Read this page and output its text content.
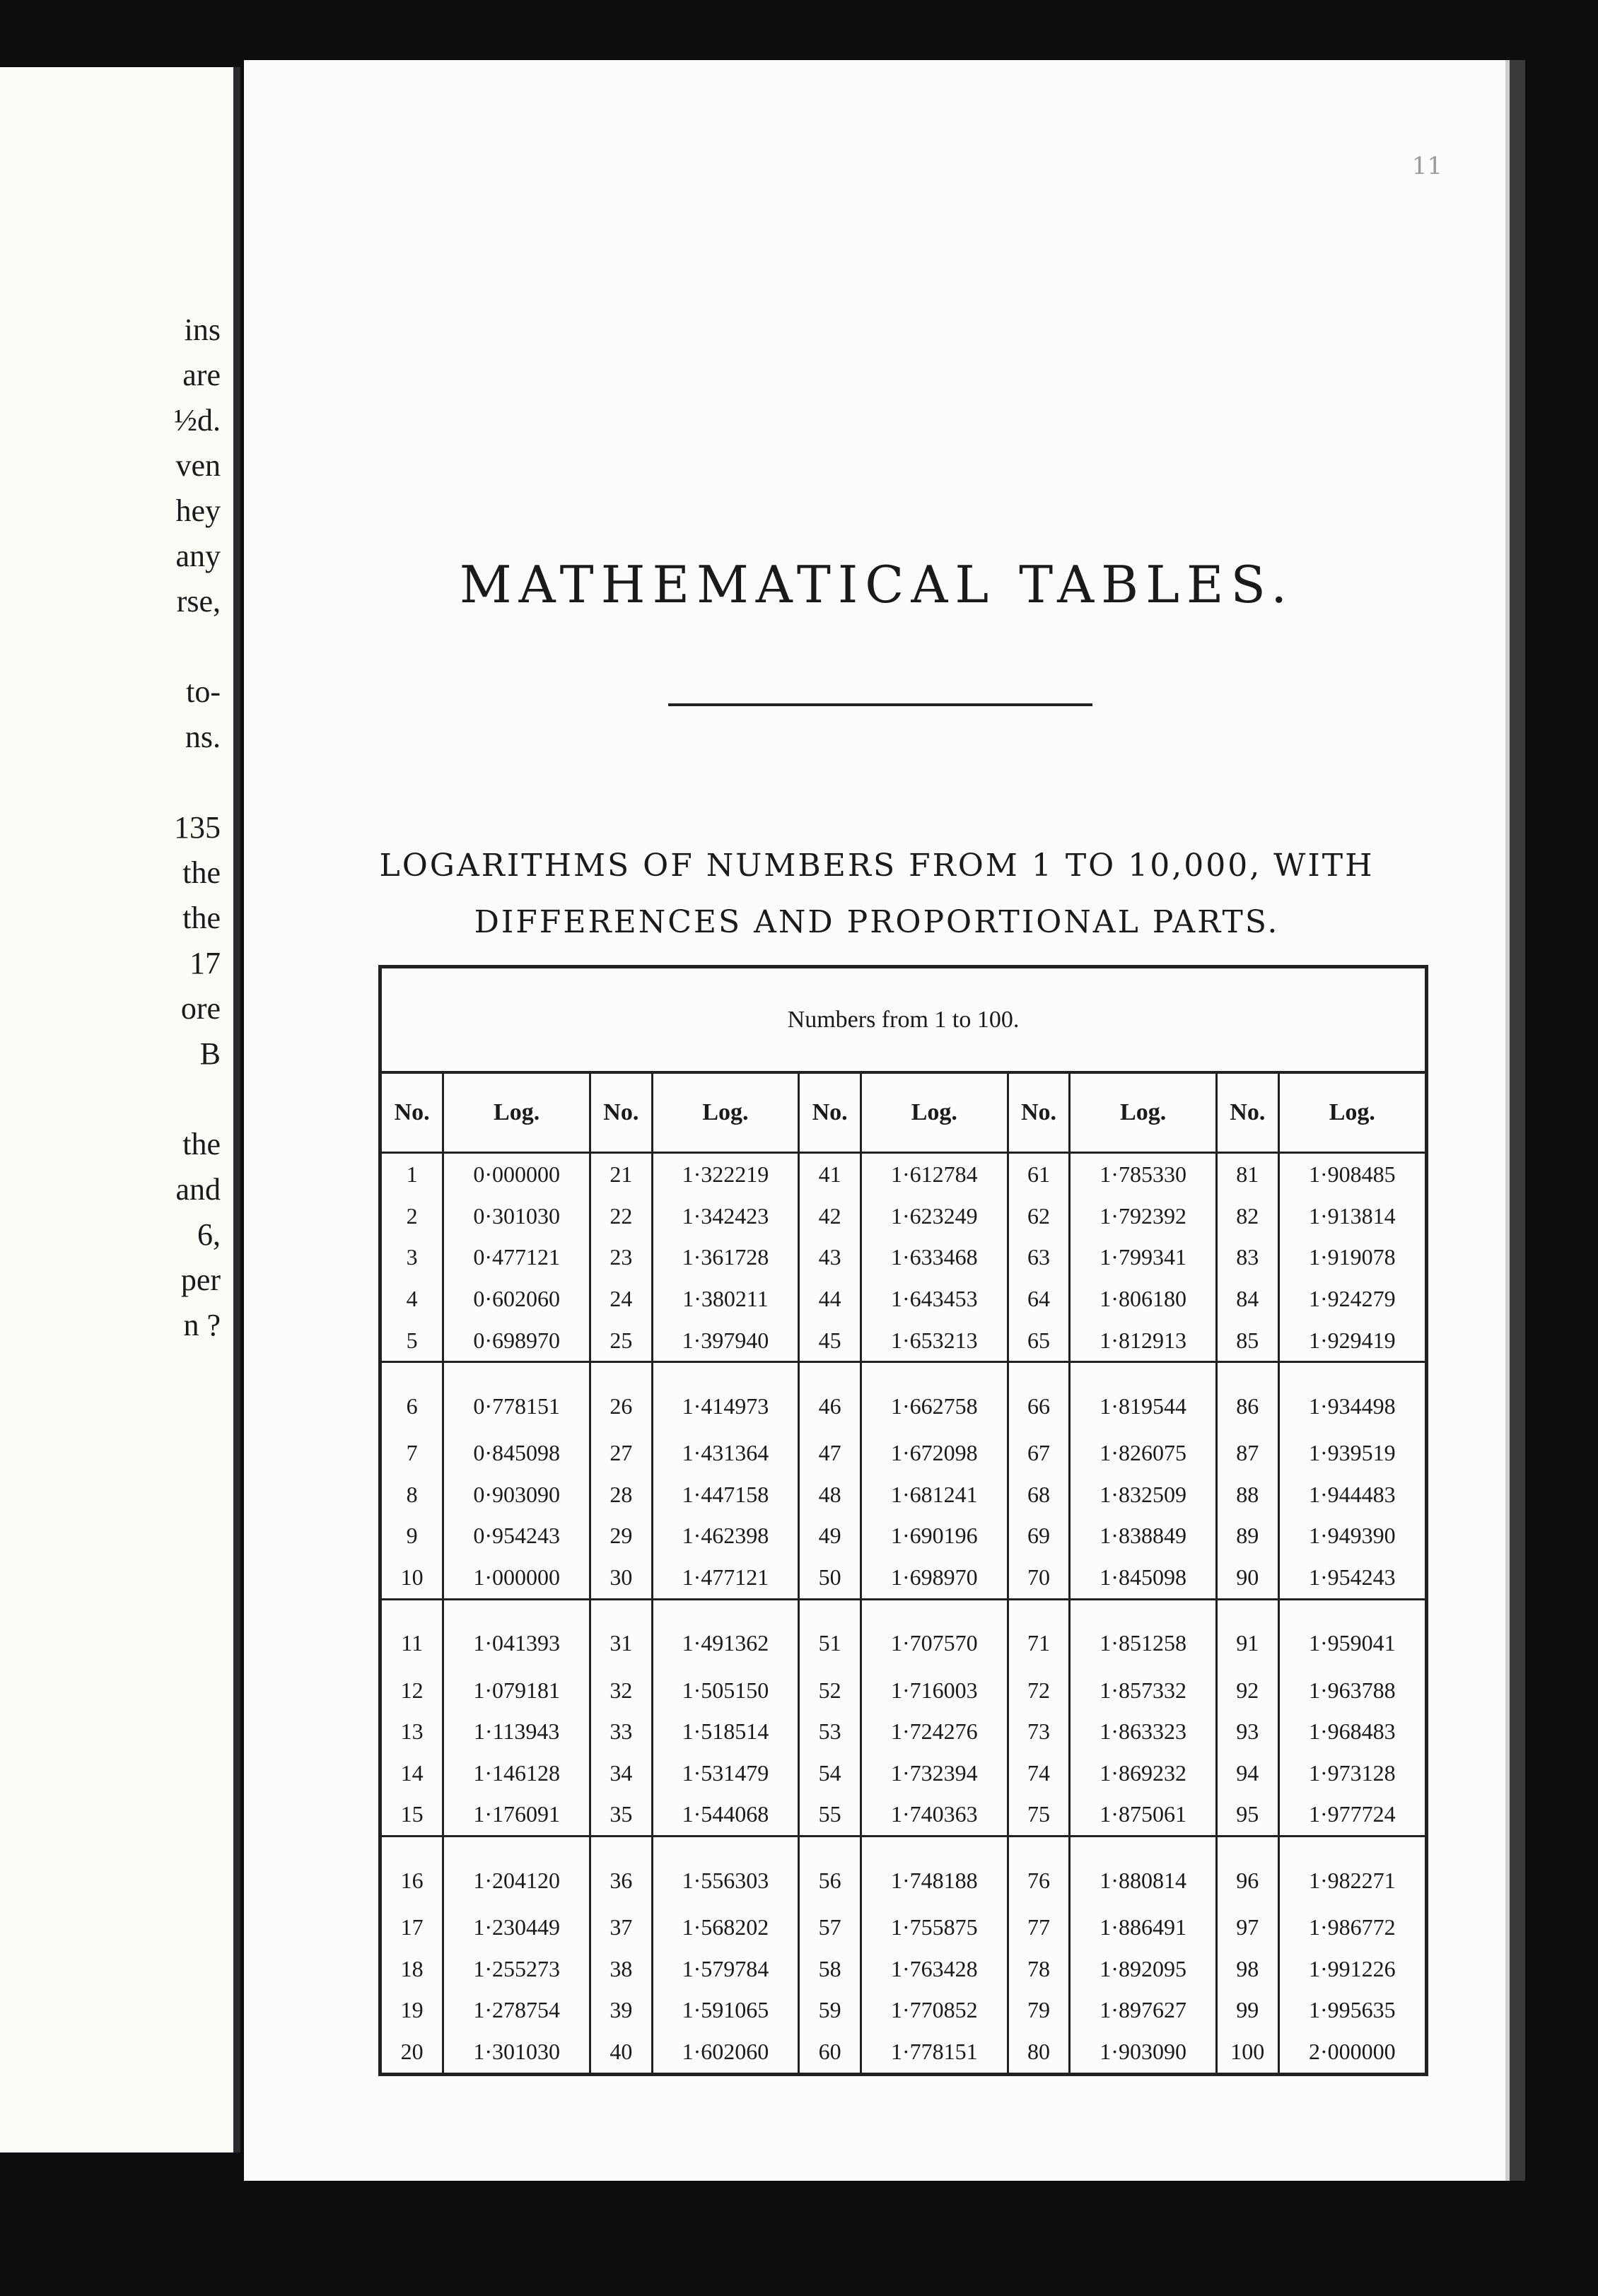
ins
are
½d.
ven
hey
any
rse,

to-
ns.

135
the
the
17
ore
B

the
and
6,
per
n ?
11
MATHEMATICAL TABLES.
LOGARITHMS OF NUMBERS FROM 1 TO 10,000, WITH
DIFFERENCES AND PROPORTIONAL PARTS.
Numbers from 1 to 100.									
No.	Log.	No.	Log.	No.	Log.	No.	Log.	No.	Log.
1	0·000000	21	1·322219	41	1·612784	61	1·785330	81	1·908485
2	0·301030	22	1·342423	42	1·623249	62	1·792392	82	1·913814
3	0·477121	23	1·361728	43	1·633468	63	1·799341	83	1·919078
4	0·602060	24	1·380211	44	1·643453	64	1·806180	84	1·924279
5	0·698970	25	1·397940	45	1·653213	65	1·812913	85	1·929419
6	0·778151	26	1·414973	46	1·662758	66	1·819544	86	1·934498
7	0·845098	27	1·431364	47	1·672098	67	1·826075	87	1·939519
8	0·903090	28	1·447158	48	1·681241	68	1·832509	88	1·944483
9	0·954243	29	1·462398	49	1·690196	69	1·838849	89	1·949390
10	1·000000	30	1·477121	50	1·698970	70	1·845098	90	1·954243
11	1·041393	31	1·491362	51	1·707570	71	1·851258	91	1·959041
12	1·079181	32	1·505150	52	1·716003	72	1·857332	92	1·963788
13	1·113943	33	1·518514	53	1·724276	73	1·863323	93	1·968483
14	1·146128	34	1·531479	54	1·732394	74	1·869232	94	1·973128
15	1·176091	35	1·544068	55	1·740363	75	1·875061	95	1·977724
16	1·204120	36	1·556303	56	1·748188	76	1·880814	96	1·982271
17	1·230449	37	1·568202	57	1·755875	77	1·886491	97	1·986772
18	1·255273	38	1·579784	58	1·763428	78	1·892095	98	1·991226
19	1·278754	39	1·591065	59	1·770852	79	1·897627	99	1·995635
20	1·301030	40	1·602060	60	1·778151	80	1·903090	100	2·000000
